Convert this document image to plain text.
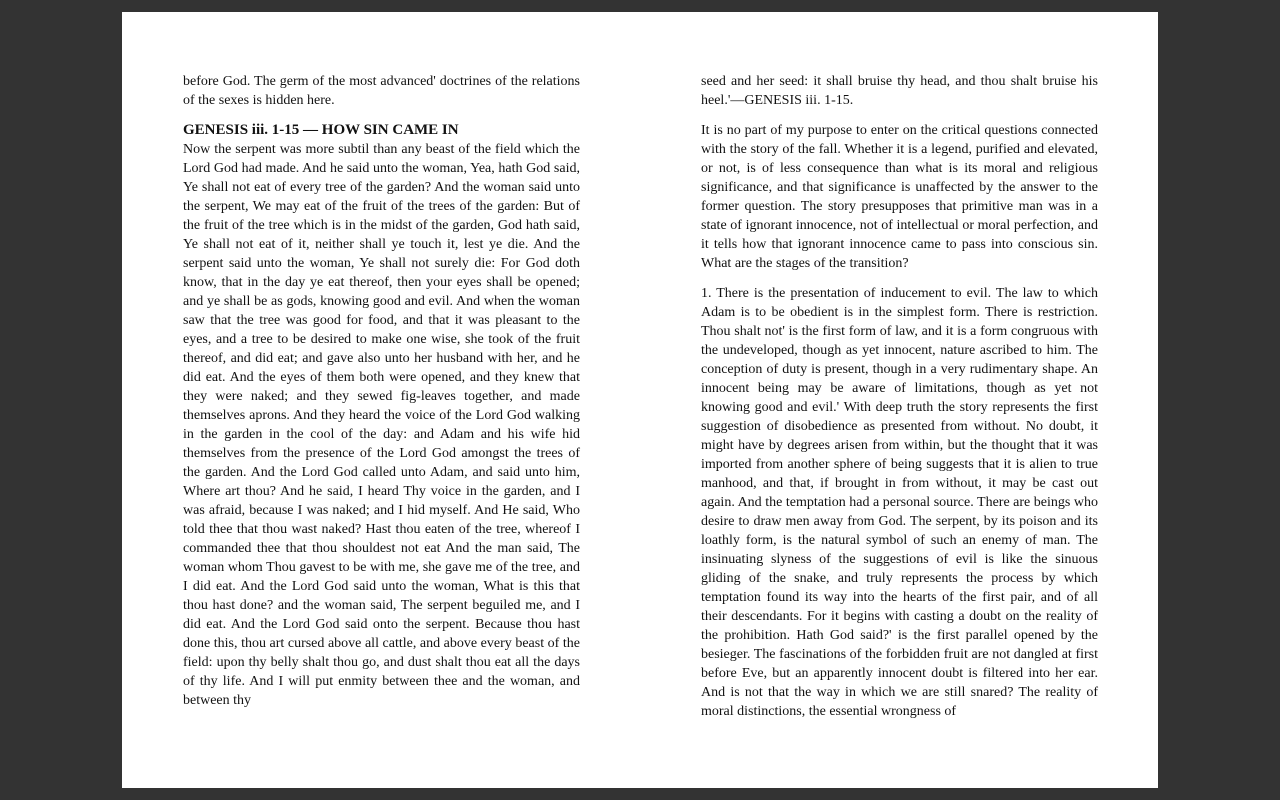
before God. The germ of the most advanced' doctrines of the relations of the sexes is hidden here.

GENESIS iii. 1-15 — HOW SIN CAME IN

Now the serpent was more subtil than any beast of the field which the Lord God had made. And he said unto the woman, Yea, hath God said, Ye shall not eat of every tree of the garden? And the woman said unto the serpent, We may eat of the fruit of the trees of the garden: But of the fruit of the tree which is in the midst of the garden, God hath said, Ye shall not eat of it, neither shall ye touch it, lest ye die. And the serpent said unto the woman, Ye shall not surely die: For God doth know, that in the day ye eat thereof, then your eyes shall be opened; and ye shall be as gods, knowing good and evil. And when the woman saw that the tree was good for food, and that it was pleasant to the eyes, and a tree to be desired to make one wise, she took of the fruit thereof, and did eat; and gave also unto her husband with her, and he did eat. And the eyes of them both were opened, and they knew that they were naked; and they sewed fig-leaves together, and made themselves aprons. And they heard the voice of the Lord God walking in the garden in the cool of the day: and Adam and his wife hid themselves from the presence of the Lord God amongst the trees of the garden. And the Lord God called unto Adam, and said unto him, Where art thou? And he said, I heard Thy voice in the garden, and I was afraid, because I was naked; and I hid myself. And He said, Who told thee that thou wast naked? Hast thou eaten of the tree, whereof I commanded thee that thou shouldest not eat And the man said, The woman whom Thou gavest to be with me, she gave me of the tree, and I did eat. And the Lord God said unto the woman, What is this that thou hast done? and the woman said, The serpent beguiled me, and I did eat. And the Lord God said onto the serpent. Because thou hast done this, thou art cursed above all cattle, and above every beast of the field: upon thy belly shalt thou go, and dust shalt thou eat all the days of thy life. And I will put enmity between thee and the woman, and between thy

seed and her seed: it shall bruise thy head, and thou shalt bruise his heel.'—GENESIS iii. 1-15.

It is no part of my purpose to enter on the critical questions connected with the story of the fall. Whether it is a legend, purified and elevated, or not, is of less consequence than what is its moral and religious significance, and that significance is unaffected by the answer to the former question. The story presupposes that primitive man was in a state of ignorant innocence, not of intellectual or moral perfection, and it tells how that ignorant innocence came to pass into conscious sin. What are the stages of the transition?

1. There is the presentation of inducement to evil. The law to which Adam is to be obedient is in the simplest form. There is restriction. Thou shalt not' is the first form of law, and it is a form congruous with the undeveloped, though as yet innocent, nature ascribed to him. The conception of duty is present, though in a very rudimentary shape. An innocent being may be aware of limitations, though as yet not knowing good and evil.' With deep truth the story represents the first suggestion of disobedience as presented from without. No doubt, it might have by degrees arisen from within, but the thought that it was imported from another sphere of being suggests that it is alien to true manhood, and that, if brought in from without, it may be cast out again. And the temptation had a personal source. There are beings who desire to draw men away from God. The serpent, by its poison and its loathly form, is the natural symbol of such an enemy of man. The insinuating slyness of the suggestions of evil is like the sinuous gliding of the snake, and truly represents the process by which temptation found its way into the hearts of the first pair, and of all their descendants. For it begins with casting a doubt on the reality of the prohibition. Hath God said?' is the first parallel opened by the besieger. The fascinations of the forbidden fruit are not dangled at first before Eve, but an apparently innocent doubt is filtered into her ear. And is not that the way in which we are still snared? The reality of moral distinctions, the essential wrongness of
